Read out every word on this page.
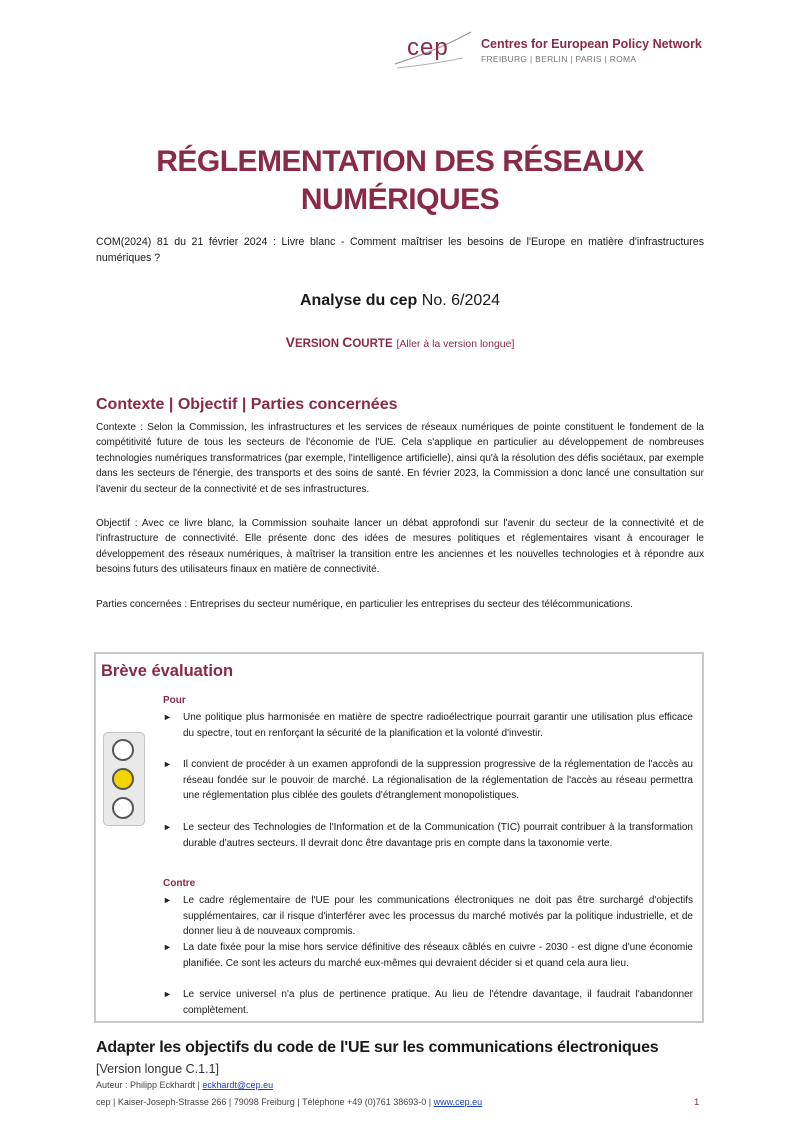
cep	Centres for European Policy Network
FREIBURG | BERLIN | PARIS | ROMA
RÉGLEMENTATION DES RÉSEAUX
NUMÉRIQUES
COM(2024) 81 du 21 février 2024 : Livre blanc - Comment maîtriser les besoins de l'Europe en matière d'infrastructures numériques ?
Analyse du cep No. 6/2024
VERSION COURTE [Aller à la version longue]
Contexte | Objectif | Parties concernées
Contexte : Selon la Commission, les infrastructures et les services de réseaux numériques de pointe constituent le fondement de la compétitivité future de tous les secteurs de l'économie de l'UE. Cela s'applique en particulier au développement de nombreuses technologies numériques transformatrices (par exemple, l'intelligence artificielle), ainsi qu'à la résolution des défis sociétaux, par exemple dans les secteurs de l'énergie, des transports et des soins de santé. En février 2023, la Commission a donc lancé une consultation sur l'avenir du secteur de la connectivité et de ses infrastructures.
Objectif : Avec ce livre blanc, la Commission souhaite lancer un débat approfondi sur l'avenir du secteur de la connectivité et de l'infrastructure de connectivité. Elle présente donc des idées de mesures politiques et réglementaires visant à encourager le développement des réseaux numériques, à maîtriser la transition entre les anciennes et les nouvelles technologies et à répondre aux besoins futurs des utilisateurs finaux en matière de connectivité.
Parties concernées : Entreprises du secteur numérique, en particulier les entreprises du secteur des télécommunications.
Brève évaluation
Pour
► Une politique plus harmonisée en matière de spectre radioélectrique pourrait garantir une utilisation plus efficace du spectre, tout en renforçant la sécurité de la planification et la volonté d'investir.
► Il convient de procéder à un examen approfondi de la suppression progressive de la réglementation de l'accès au réseau fondée sur le pouvoir de marché. La régionalisation de la réglementation de l'accès au réseau permettra une réglementation plus ciblée des goulets d'étranglement monopolistiques.
► Le secteur des Technologies de l'Information et de la Communication (TIC) pourrait contribuer à la transformation durable d'autres secteurs. Il devrait donc être davantage pris en compte dans la taxonomie verte.
Contre
► Le cadre réglementaire de l'UE pour les communications électroniques ne doit pas être surchargé d'objectifs supplémentaires, car il risque d'interférer avec les processus du marché motivés par la politique industrielle, et de donner lieu à de nouveaux compromis.
► La date fixée pour la mise hors service définitive des réseaux câblés en cuivre - 2030 - est digne d'une économie planifiée. Ce sont les acteurs du marché eux-mêmes qui devraient décider si et quand cela aura lieu.
► Le service universel n'a plus de pertinence pratique. Au lieu de l'étendre davantage, il faudrait l'abandonner complètement.
Adapter les objectifs du code de l'UE sur les communications électroniques
[Version longue C.1.1]
Auteur : Philipp Eckhardt | eckhardt@cep.eu
cep | Kaiser-Joseph-Strasse 266 | 79098 Freiburg | Téléphone +49 (0)761 38693-0 | www.cep.eu	1
